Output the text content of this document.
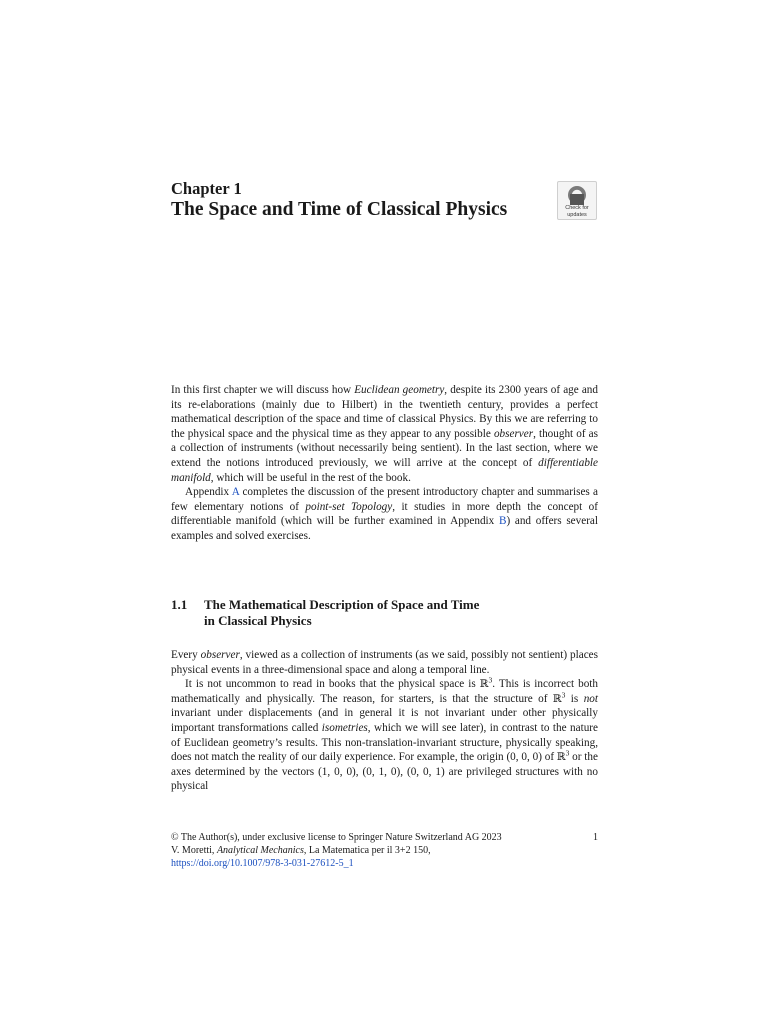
Chapter 1
The Space and Time of Classical Physics	Check for
updates

In this first chapter we will discuss how Euclidean geometry, despite its 2300 years of age and its re-elaborations (mainly due to Hilbert) in the twentieth century, provides a perfect mathematical description of the space and time of classical Physics. By this we are referring to the physical space and the physical time as they appear to any possible observer, thought of as a collection of instruments (without necessarily being sentient). In the last section, where we extend the notions introduced previously, we will arrive at the concept of differentiable manifold, which will be useful in the rest of the book.

Appendix A completes the discussion of the present introductory chapter and summarises a few elementary notions of point-set Topology, it studies in more depth the concept of differentiable manifold (which will be further examined in Appendix B) and offers several examples and solved exercises.

1.1 The Mathematical Description of Space and Time
in Classical Physics

Every observer, viewed as a collection of instruments (as we said, possibly not sentient) places physical events in a three-dimensional space and along a temporal line.

It is not uncommon to read in books that the physical space is ℝ$^3$. This is incorrect both mathematically and physically. The reason, for starters, is that the structure of ℝ$^3$ is not invariant under displacements (and in general it is not invariant under other physically important transformations called isometries, which we will see later), in contrast to the nature of Euclidean geometry’s results. This non-translation-invariant structure, physically speaking, does not match the reality of our daily experience. For example, the origin (0, 0, 0) of ℝ$^3$ or the axes determined by the vectors (1, 0, 0), (0, 1, 0), (0, 0, 1) are privileged structures with no physical

© The Author(s), under exclusive license to Springer Nature Switzerland AG 2023
V. Moretti, Analytical Mechanics, La Matematica per il 3+2 150,
https://doi.org/10.1007/978-3-031-27612-5_1
1
